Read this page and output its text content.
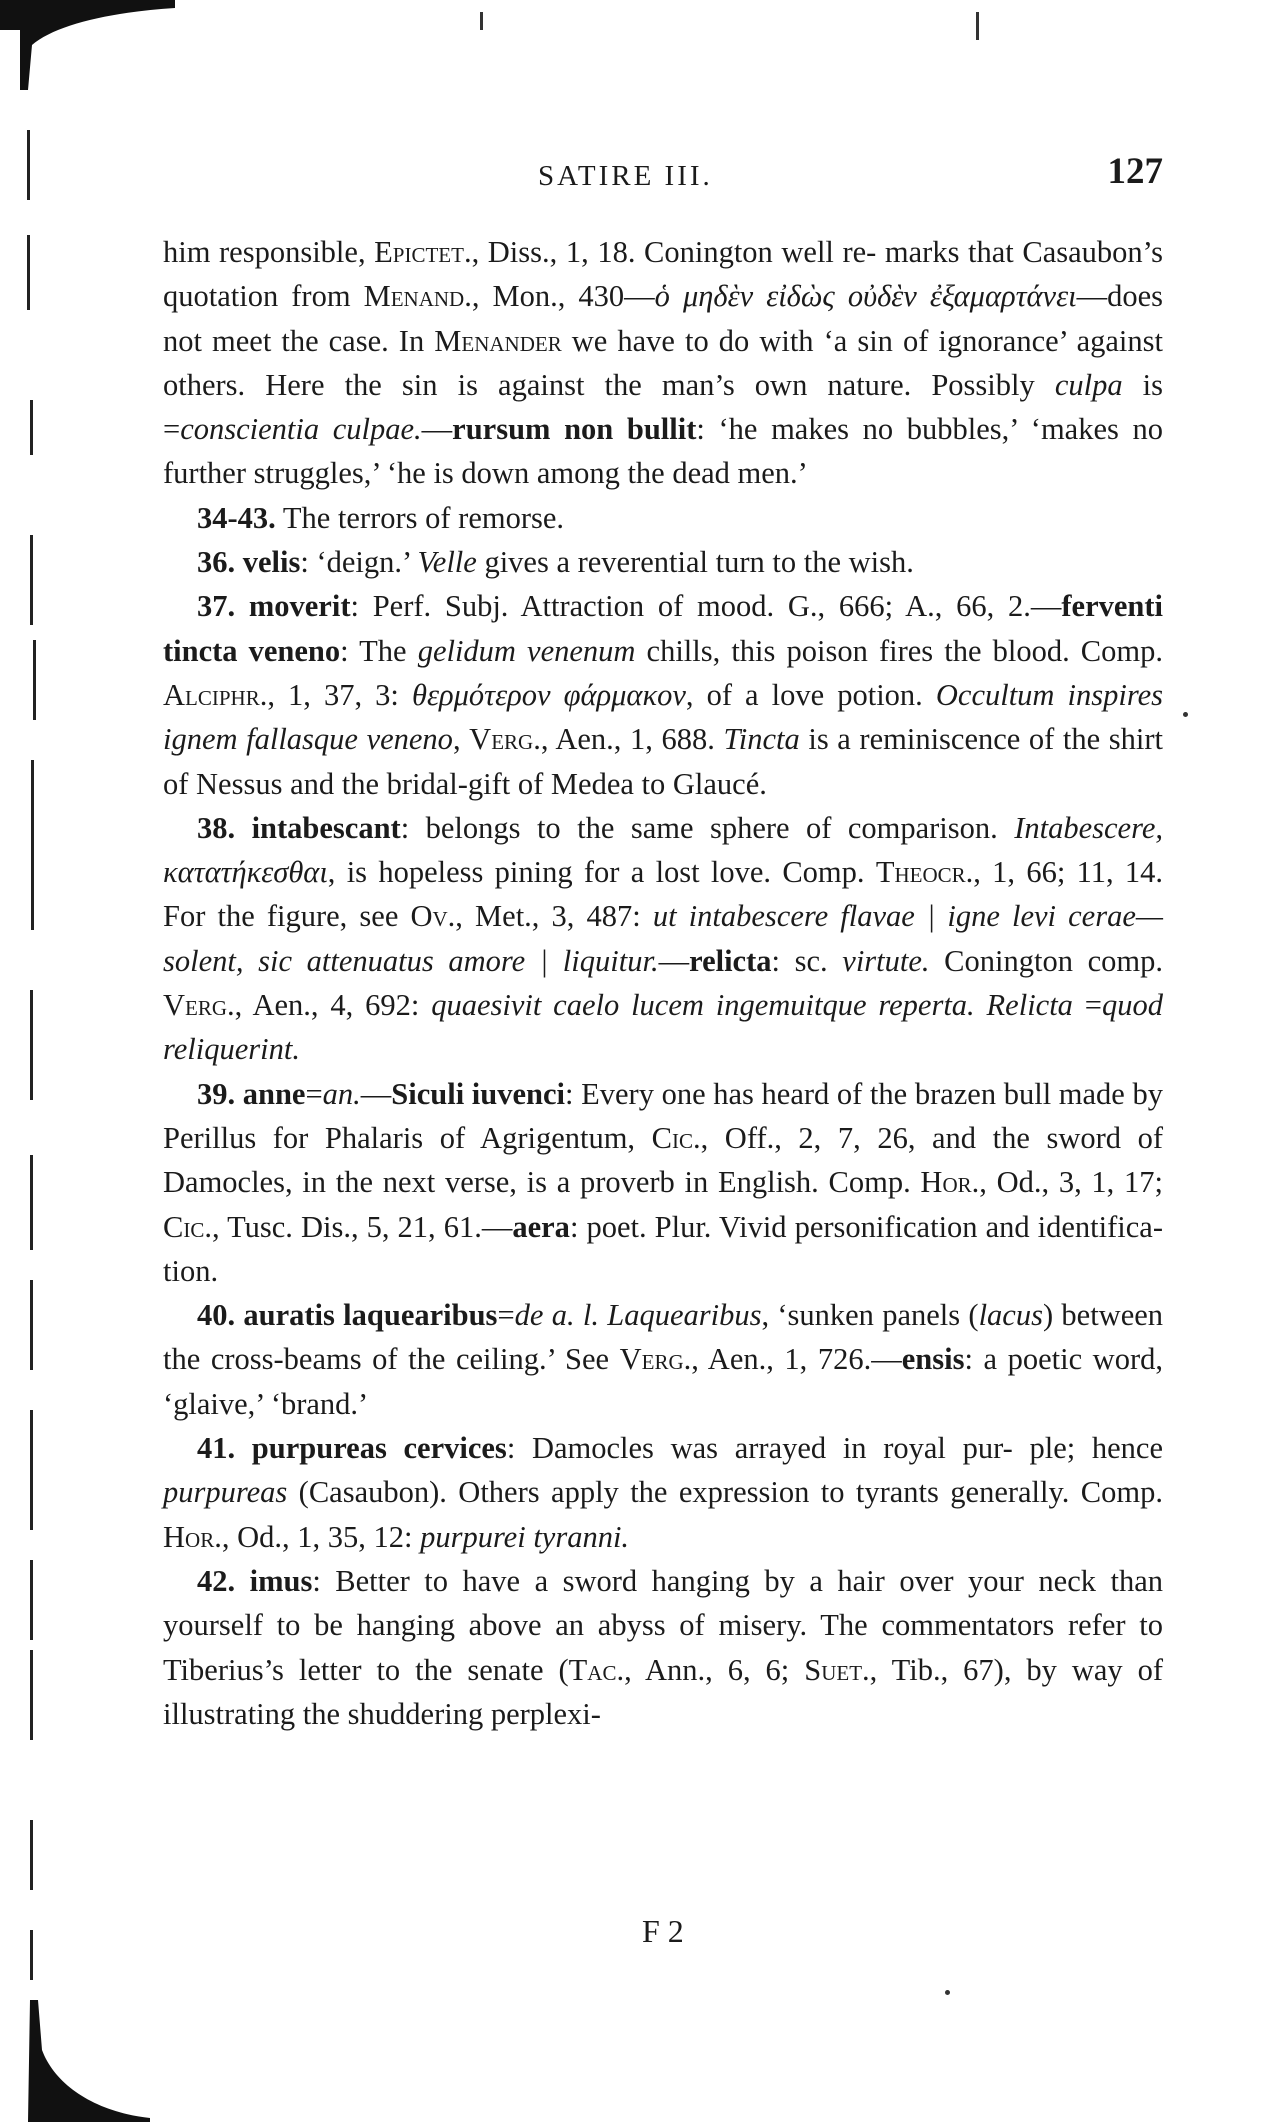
SATIRE III.	127

him responsible, Epictet., Diss., 1, 18. Conington well re- marks that Casaubon’s quotation from Menand., Mon., 430—ὁ μηδὲν εἰδὼς οὐδὲν ἐξαμαρτάνει—does not meet the case. In Menander we have to do with ‘a sin of ignorance’ against others. Here the sin is against the man’s own nature. Possibly culpa is =conscientia culpae.—rursum non bullit: ‘he makes no bubbles,’ ‘makes no further struggles,’ ‘he is down among the dead men.’

34-43. The terrors of remorse.

36. velis: ‘deign.’ Velle gives a reverential turn to the wish.

37. moverit: Perf. Subj. Attraction of mood. G., 666; A., 66, 2.—ferventi tincta veneno: The gelidum venenum chills, this poison fires the blood. Comp. Alciphr., 1, 37, 3: θερμότερον φάρμακον, of a love potion. Occultum inspires ignem fallasque veneno, Verg., Aen., 1, 688. Tincta is a reminiscence of the shirt of Nessus and the bridal-gift of Medea to Glaucé.

38. intabescant: belongs to the same sphere of comparison. Intabescere, κατατήκεσθαι, is hopeless pining for a lost love. Comp. Theocr., 1, 66; 11, 14. For the figure, see Ov., Met., 3, 487: ut intabescere flavae | igne levi cerae—solent, sic attenuatus amore | liquitur.—relicta: sc. virtute. Conington comp. Verg., Aen., 4, 692: quaesivit caelo lucem ingemuitque reperta. Relicta =quod reliquerint.

39. anne=an.—Siculi iuvenci: Every one has heard of the brazen bull made by Perillus for Phalaris of Agrigentum, Cic., Off., 2, 7, 26, and the sword of Damocles, in the next verse, is a proverb in English. Comp. Hor., Od., 3, 1, 17; Cic., Tusc. Dis., 5, 21, 61.—aera: poet. Plur. Vivid personification and identifica- tion.

40. auratis laquearibus=de a. l. Laquearibus, ‘sunken panels (lacus) between the cross-beams of the ceiling.’ See Verg., Aen., 1, 726.—ensis: a poetic word, ‘glaive,’ ‘brand.’

41. purpureas cervices: Damocles was arrayed in royal pur- ple; hence purpureas (Casaubon). Others apply the expression to tyrants generally. Comp. Hor., Od., 1, 35, 12: purpurei tyranni.

42. imus: Better to have a sword hanging by a hair over your neck than yourself to be hanging above an abyss of misery. The commentators refer to Tiberius’s letter to the senate (Tac., Ann., 6, 6; Suet., Tib., 67), by way of illustrating the shuddering perplexi-

F 2
